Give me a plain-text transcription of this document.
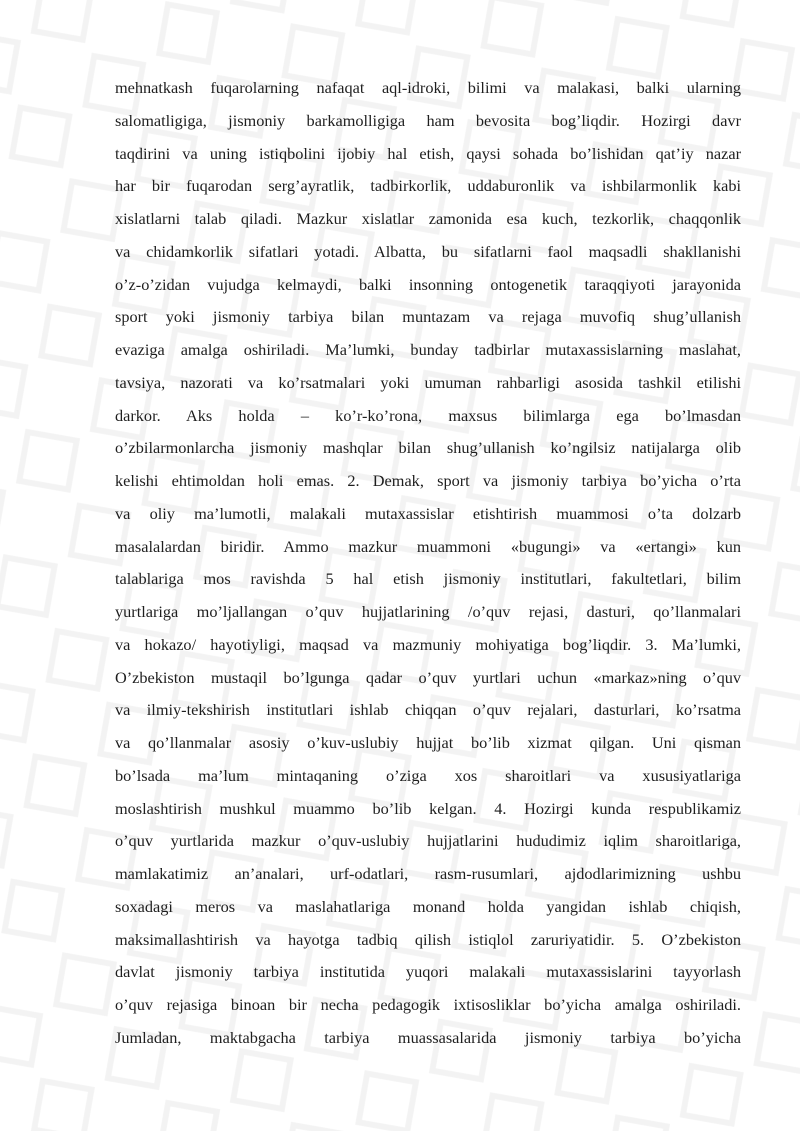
mehnatkash fuqarolarning nafaqat aql-idroki, bilimi va malakasi, balki ularning
salomatligiga, jismoniy barkamolligiga ham bevosita bog’liqdir. Hozirgi davr
taqdirini va uning istiqbolini ijobiy hal etish, qaysi sohada bo’lishidan qat’iy nazar
har bir fuqarodan serg’ayratlik, tadbirkorlik, uddaburonlik va ishbilarmonlik kabi
xislatlarni talab qiladi. Mazkur xislatlar zamonida esa kuch, tezkorlik, chaqqonlik
va chidamkorlik sifatlari yotadi. Albatta, bu sifatlarni faol maqsadli shakllanishi
o’z-o’zidan vujudga kelmaydi, balki insonning ontogenetik taraqqiyoti jarayonida
sport yoki jismoniy tarbiya bilan muntazam va rejaga muvofiq shug’ullanish
evaziga amalga oshiriladi. Ma’lumki, bunday tadbirlar mutaxassislarning maslahat,
tavsiya, nazorati va ko’rsatmalari yoki umuman rahbarligi asosida tashkil etilishi
darkor. Aks holda – ko’r-ko’rona, maxsus bilimlarga ega bo’lmasdan
o’zbilarmonlarcha jismoniy mashqlar bilan shug’ullanish ko’ngilsiz natijalarga olib
kelishi ehtimoldan holi emas. 2. Demak, sport va jismoniy tarbiya bo’yicha o’rta
va oliy ma’lumotli, malakali mutaxassislar etishtirish muammosi o’ta dolzarb
masalalardan biridir. Ammo mazkur muammoni «bugungi» va «ertangi» kun
talablariga mos ravishda 5 hal etish jismoniy institutlari, fakultetlari, bilim
yurtlariga mo’ljallangan o’quv hujjatlarining /o’quv rejasi, dasturi, qo’llanmalari
va hokazo/ hayotiyligi, maqsad va mazmuniy mohiyatiga bog’liqdir. 3. Ma’lumki,
O’zbekiston mustaqil bo’lgunga qadar o’quv yurtlari uchun «markaz»ning o’quv
va ilmiy-tekshirish institutlari ishlab chiqqan o’quv rejalari, dasturlari, ko’rsatma
va qo’llanmalar asosiy o’kuv-uslubiy hujjat bo’lib xizmat qilgan. Uni qisman
bo’lsada ma’lum mintaqaning o’ziga xos sharoitlari va xususiyatlariga
moslashtirish mushkul muammo bo’lib kelgan. 4. Hozirgi kunda respublikamiz
o’quv yurtlarida mazkur o’quv-uslubiy hujjatlarini hududimiz iqlim sharoitlariga,
mamlakatimiz an’analari, urf-odatlari, rasm-rusumlari, ajdodlarimizning ushbu
soxadagi meros va maslahatlariga monand holda yangidan ishlab chiqish,
maksimallashtirish va hayotga tadbiq qilish istiqlol zaruriyatidir. 5. O’zbekiston
davlat jismoniy tarbiya institutida yuqori malakali mutaxassislarini tayyorlash
o’quv rejasiga binoan bir necha pedagogik ixtisosliklar bo’yicha amalga oshiriladi.
Jumladan, maktabgacha tarbiya muassasalarida jismoniy tarbiya bo’yicha
